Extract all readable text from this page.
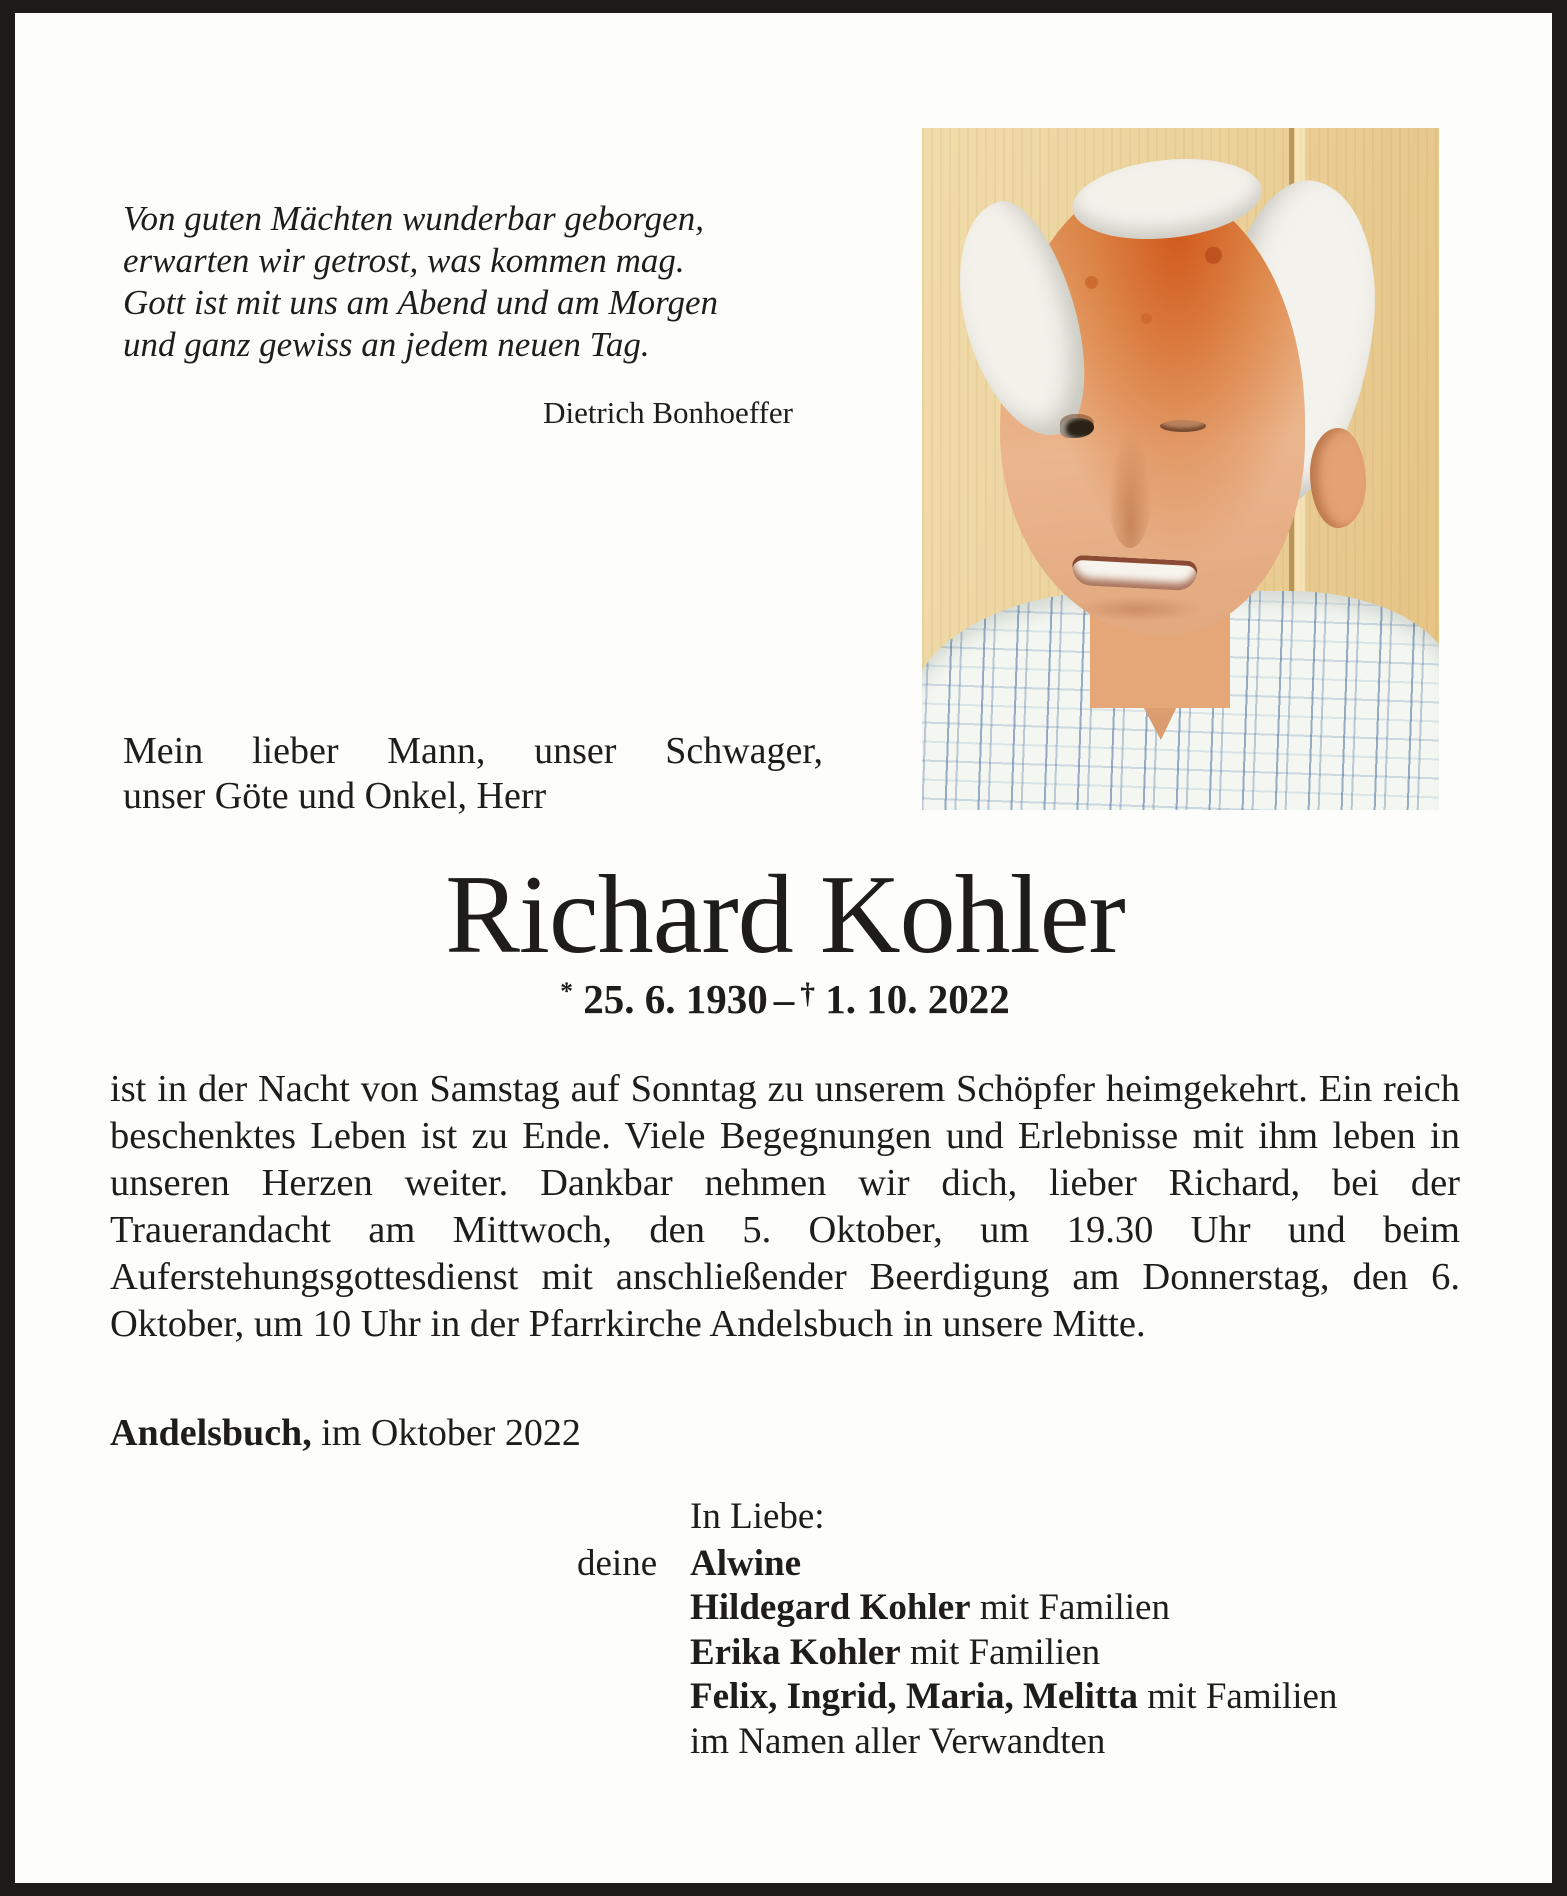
Von guten Mächten wunderbar geborgen,
erwarten wir getrost, was kommen mag.
Gott ist mit uns am Abend und am Morgen
und ganz gewiss an jedem neuen Tag.
Dietrich Bonhoeffer
Mein lieber Mann, unser Schwager,
unser Göte und Onkel, Herr
Richard Kohler
* 25. 6. 1930 – † 1. 10. 2022
ist in der Nacht von Samstag auf Sonntag zu unserem Schöpfer heimgekehrt. Ein reich beschenktes Leben ist zu Ende. Viele Begegnungen und Erlebnisse mit ihm leben in unseren Herzen weiter. Dankbar nehmen wir dich, lieber Richard, bei der Trauerandacht am Mittwoch, den 5. Oktober, um 19.30 Uhr und beim Auferstehungsgottesdienst mit anschließender Beerdigung am Donnerstag, den 6. Oktober, um 10 Uhr in der Pfarrkirche Andelsbuch in unsere Mitte.
Andelsbuch, im Oktober 2022
In Liebe:
deine Alwine
Hildegard Kohler mit Familien
Erika Kohler mit Familien
Felix, Ingrid, Maria, Melitta mit Familien
im Namen aller Verwandten
